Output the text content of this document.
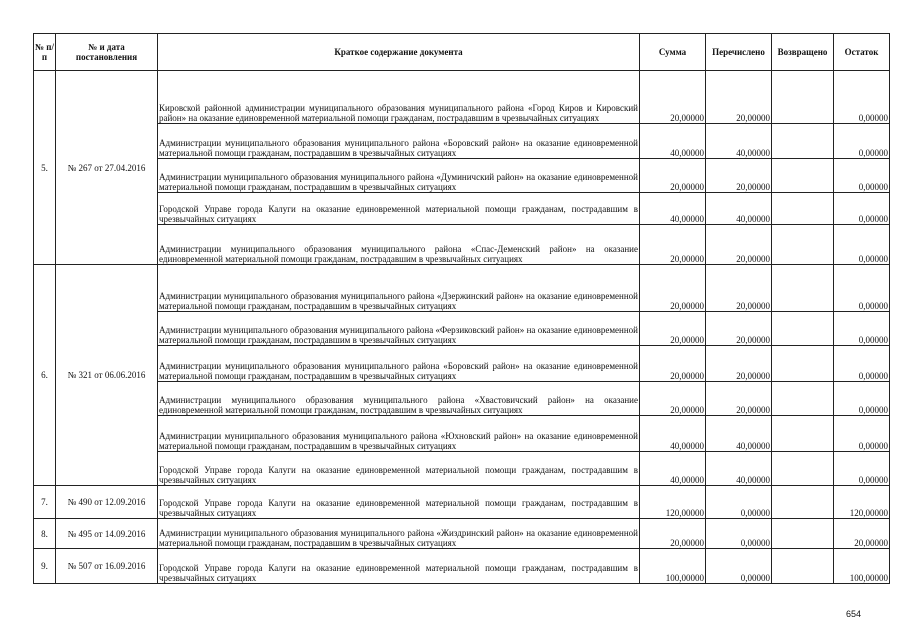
№ п/п	№ и дата постановления	Краткое содержание документа	Сумма	Перечислено	Возвращено	Остаток
5.	№ 267 от 27.04.2016	Кировской районной администрации муниципального образования муниципального района «Город Киров и Кировский район» на оказание единовременной материальной помощи гражданам, пострадавшим в чрезвычайных ситуациях	20,00000	20,00000		0,00000
		Администрации муниципального образования муниципального района «Боровский район» на оказание единовременной материальной помощи гражданам, пострадавшим в чрезвычайных ситуациях	40,00000	40,00000		0,00000
		Администрации муниципального образования муниципального района «Думиничский район» на оказание единовременной материальной помощи гражданам, пострадавшим в чрезвычайных ситуациях	20,00000	20,00000		0,00000
		Городской Управе города Калуги на оказание единовременной материальной помощи гражданам, пострадавшим в чрезвычайных ситуациях	40,00000	40,00000		0,00000
		Администрации муниципального образования муниципального района «Спас-Деменский район» на оказание единовременной материальной помощи гражданам, пострадавшим в чрезвычайных ситуациях	20,00000	20,00000		0,00000
6.	№ 321 от 06.06.2016	Администрации муниципального образования муниципального района «Дзержинский район» на оказание единовременной материальной помощи гражданам, пострадавшим в чрезвычайных ситуациях	20,00000	20,00000		0,00000
		Администрации муниципального образования муниципального района «Ферзиковский район» на оказание единовременной материальной помощи гражданам, пострадавшим в чрезвычайных ситуациях	20,00000	20,00000		0,00000
		Администрации муниципального образования муниципального района «Боровский район» на оказание единовременной материальной помощи гражданам, пострадавшим в чрезвычайных ситуациях	20,00000	20,00000		0,00000
		Администрации муниципального образования муниципального района «Хвастовичский район» на оказание единовременной материальной помощи гражданам, пострадавшим в чрезвычайных ситуациях	20,00000	20,00000		0,00000
		Администрации муниципального образования муниципального района «Юхновский район» на оказание единовременной материальной помощи гражданам, пострадавшим в чрезвычайных ситуациях	40,00000	40,00000		0,00000
		Городской Управе города Калуги на оказание единовременной материальной помощи гражданам, пострадавшим в чрезвычайных ситуациях	40,00000	40,00000		0,00000
7.	№ 490 от 12.09.2016	Городской Управе города Калуги на оказание единовременной материальной помощи гражданам, пострадавшим в чрезвычайных ситуациях	120,00000	0,00000		120,00000
8.	№ 495 от 14.09.2016	Администрации муниципального образования муниципального района «Жиздринский район» на оказание единовременной материальной помощи гражданам, пострадавшим в чрезвычайных ситуациях	20,00000	0,00000		20,00000
9.	№ 507 от 16.09.2016	Городской Управе города Калуги на оказание единовременной материальной помощи гражданам, пострадавшим в чрезвычайных ситуациях	100,00000	0,00000		100,00000
654
